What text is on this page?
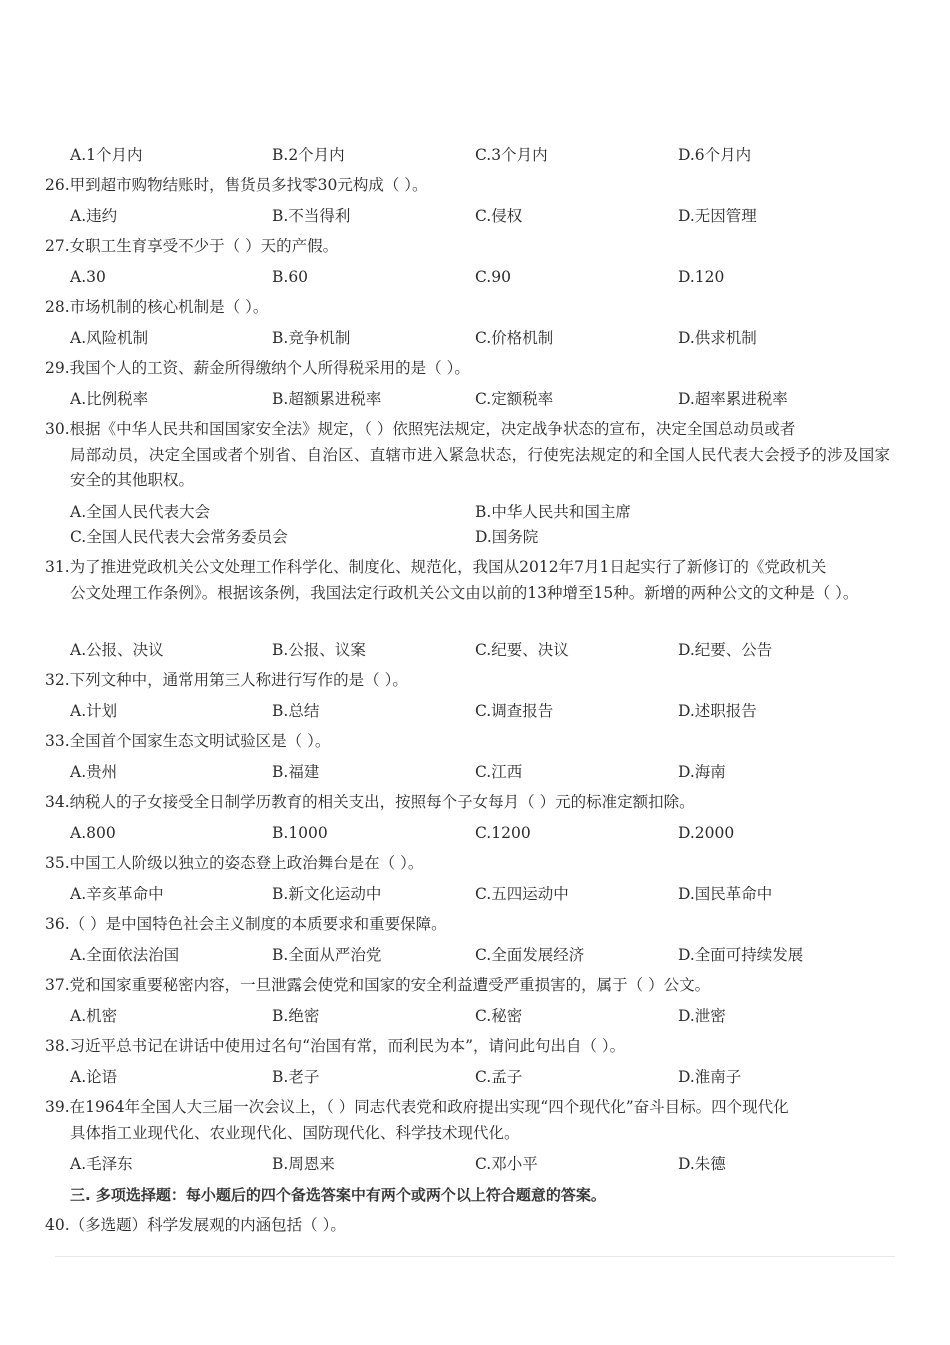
A.1个月内	B.2个月内	C.3个月内	D.6个月内
26.甲到超市购物结账时，售货员多找零30元构成（ ）。
A.违约	B.不当得利	C.侵权	D.无因管理
27.女职工生育享受不少于（ ）天的产假。
A.30	B.60	C.90	D.120
28.市场机制的核心机制是（ ）。
A.风险机制	B.竞争机制	C.价格机制	D.供求机制
29.我国个人的工资、薪金所得缴纳个人所得税采用的是（ ）。
A.比例税率	B.超额累进税率	C.定额税率	D.超率累进税率
30.根据《中华人民共和国国家安全法》规定，（ ）依照宪法规定，决定战争状态的宣布，决定全国总动员或者
局部动员，决定全国或者个别省、自治区、直辖市进入紧急状态，行使宪法规定的和全国人民代表大会授予的涉及国家安全的其他职权。
A.全国人民代表大会	B.中华人民共和国主席
C.全国人民代表大会常务委员会	D.国务院
31.为了推进党政机关公文处理工作科学化、制度化、规范化，我国从2012年7月1日起实行了新修订的《党政机关
公文处理工作条例》。根据该条例，我国法定行政机关公文由以前的13种增至15种。新增的两种公文的文种是（ ）。
A.公报、决议	B.公报、议案	C.纪要、决议	D.纪要、公告
32.下列文种中，通常用第三人称进行写作的是（ ）。
A.计划	B.总结	C.调查报告	D.述职报告
33.全国首个国家生态文明试验区是（ ）。
A.贵州	B.福建	C.江西	D.海南
34.纳税人的子女接受全日制学历教育的相关支出，按照每个子女每月（ ）元的标准定额扣除。
A.800	B.1000	C.1200	D.2000
35.中国工人阶级以独立的姿态登上政治舞台是在（ ）。
A.辛亥革命中	B.新文化运动中	C.五四运动中	D.国民革命中
36.（ ）是中国特色社会主义制度的本质要求和重要保障。
A.全面依法治国	B.全面从严治党	C.全面发展经济	D.全面可持续发展
37.党和国家重要秘密内容，一旦泄露会使党和国家的安全利益遭受严重损害的，属于（ ）公文。
A.机密	B.绝密	C.秘密	D.泄密
38.习近平总书记在讲话中使用过名句“治国有常，而利民为本”，请问此句出自（ ）。
A.论语	B.老子	C.孟子	D.淮南子
39.在1964年全国人大三届一次会议上，（ ）同志代表党和政府提出实现“四个现代化”奋斗目标。四个现代化
具体指工业现代化、农业现代化、国防现代化、科学技术现代化。
A.毛泽东	B.周恩来	C.邓小平	D.朱德
三. 多项选择题：每小题后的四个备选答案中有两个或两个以上符合题意的答案。
40.（多选题）科学发展观的内涵包括（ ）。
